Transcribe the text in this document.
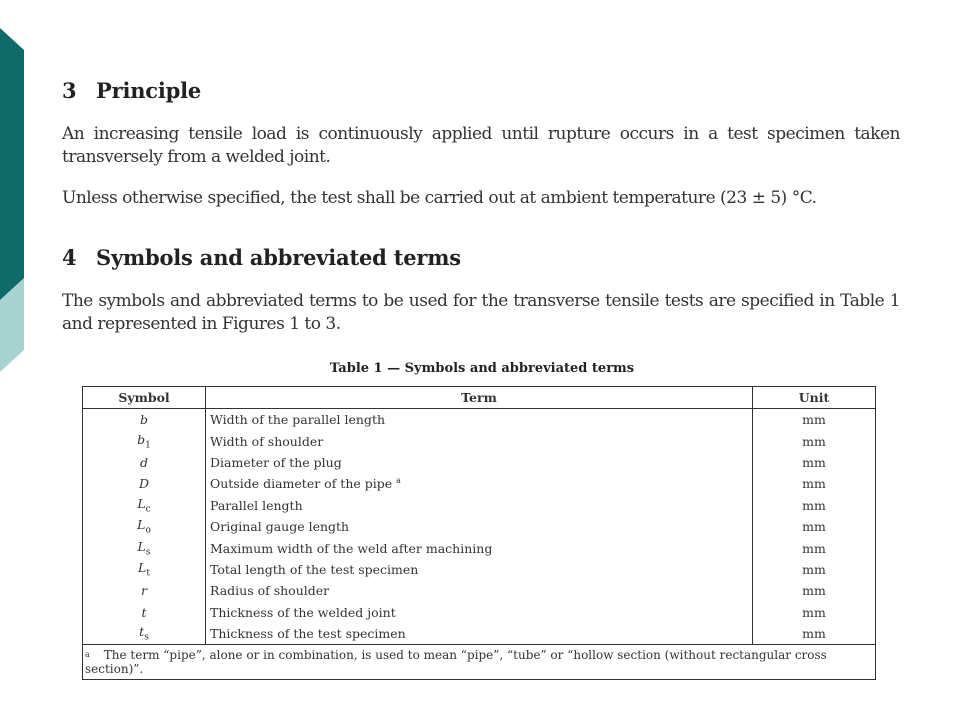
3 Principle

An increasing tensile load is continuously applied until rupture occurs in a test specimen taken transversely from a welded joint.

Unless otherwise specified, the test shall be carried out at ambient temperature (23 ± 5) °C.

4 Symbols and abbreviated terms

The symbols and abbreviated terms to be used for the transverse tensile tests are specified in Table 1 and represented in Figures 1 to 3.

Table 1 — Symbols and abbreviated terms
Symbol	Term	Unit
b	Width of the parallel length	mm
$b_1$	Width of shoulder	mm
d	Diameter of the plug	mm
D	Outside diameter of the pipe $^a$	mm
$L_c$	Parallel length	mm
$L_o$	Original gauge length	mm
$L_s$	Maximum width of the weld after machining	mm
$L_t$	Total length of the test specimen	mm
r	Radius of shoulder	mm
t	Thickness of the welded joint	mm
$t_s$	Thickness of the test specimen	mm
$^a$ The term “pipe”, alone or in combination, is used to mean “pipe”, “tube” or “hollow section (without rectangular cross section)”.		
